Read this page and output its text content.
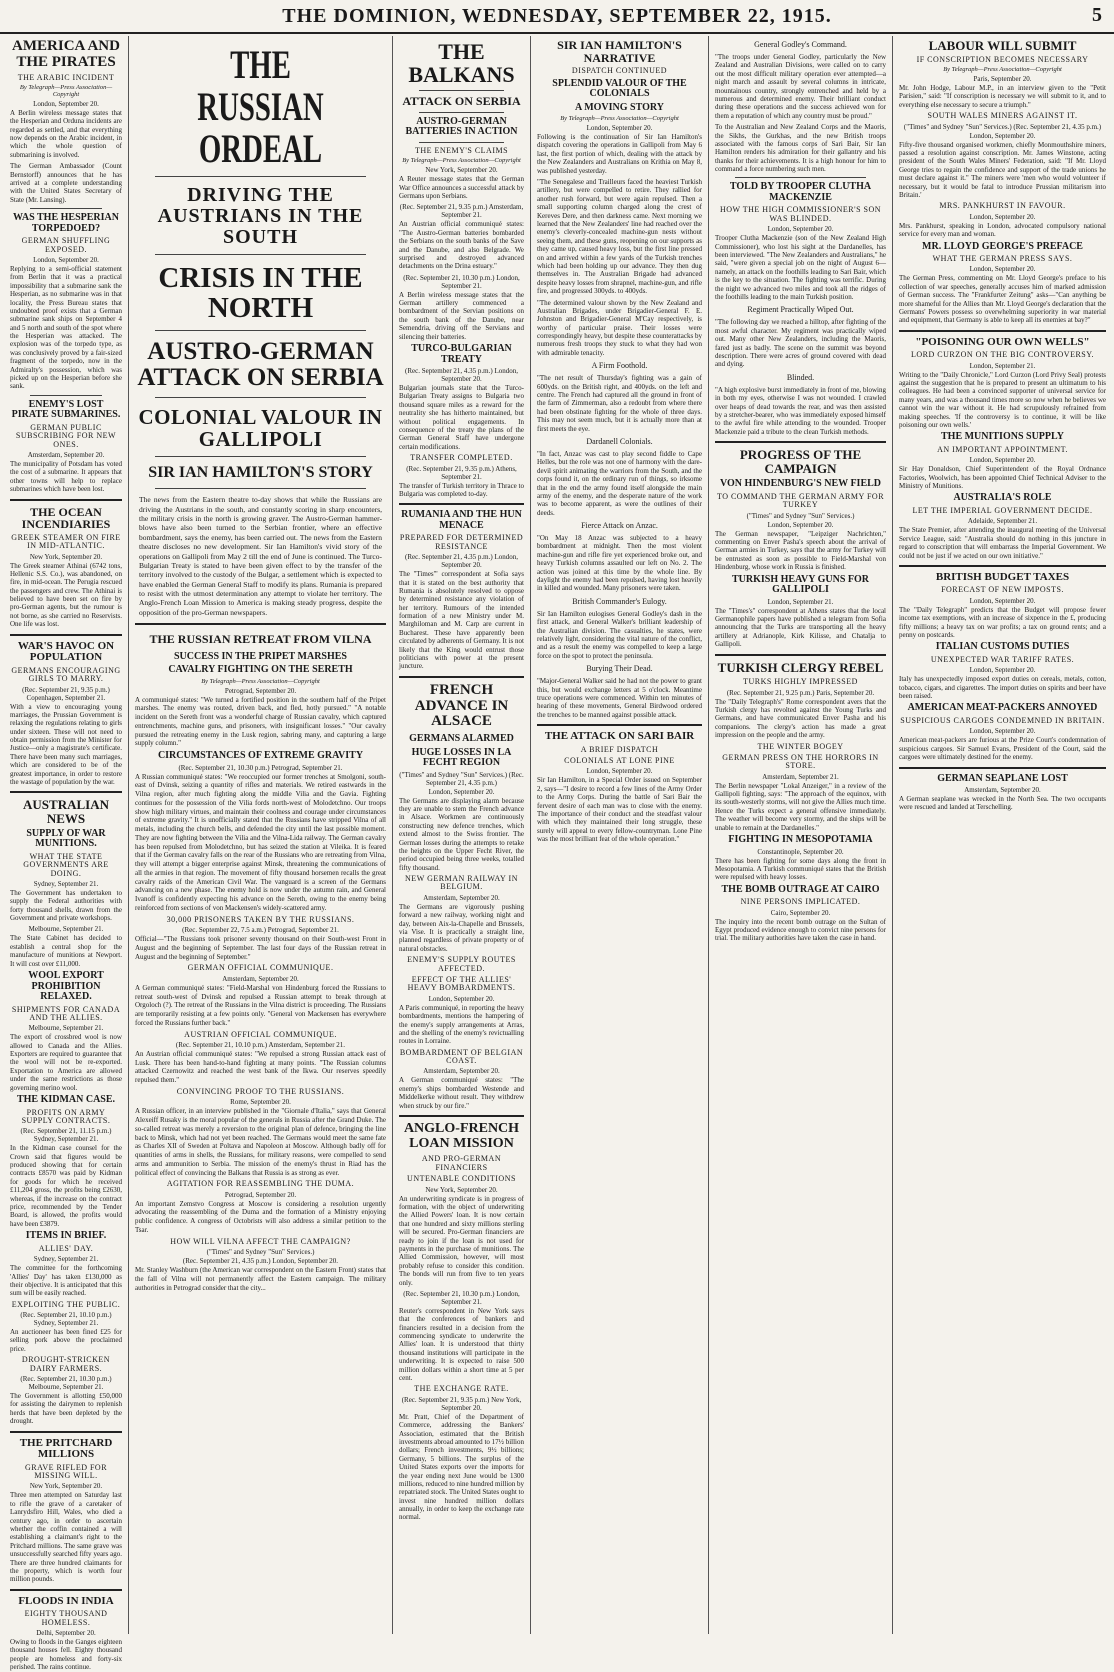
THE DOMINION, WEDNESDAY, SEPTEMBER 22, 1915.	5
AMERICA AND THE PIRATES
THE ARABIC INCIDENT
By Telegraph—Press Association—Copyright
London, September 20.

A Berlin wireless message states that the Hesperian and Orduna incidents are regarded as settled, and that everything now depends on the Arabic incident, in which the whole question of submarining is involved.

The German Ambassador (Count Bernstorff) announces that he has arrived at a complete understanding with the United States Secretary of State (Mr. Lansing).

WAS THE HESPERIAN TORPEDOED?
GERMAN SHUFFLING EXPOSED.
London, September 20.

Replying to a semi-official statement from Berlin that it was a practical impossibility that a submarine sank the Hesperian, as no submarine was in that locality, the Press Bureau states that undoubted proof exists that a German submarine sank ships on September 4 and 5 north and south of the spot where the Hesperian was attacked. The explosion was of the torpedo type, as was conclusively proved by a fair-sized fragment of the torpedo, now in the Admiralty's possession, which was picked up on the Hesperian before she sank.

ENEMY'S LOST PIRATE SUBMARINES.
GERMAN PUBLIC SUBSCRIBING FOR NEW ONES.
Amsterdam, September 20.

The municipality of Potsdam has voted the cost of a submarine. It appears that other towns will help to replace submarines which have been lost.

THE OCEAN INCENDIARIES
GREEK STEAMER ON FIRE IN MID-ATLANTIC.
New York, September 20.

The Greek steamer Athinai (6742 tons, Hellenic S.S. Co.), was abandoned, on fire, in mid-ocean. The Perugia rescued the passengers and crew. The Athinai is believed to have been set on fire by pro-German agents, but the rumour is not borne, as she carried no Reservists. One life was lost.

WAR'S HAVOC ON POPULATION
GERMANS ENCOURAGING GIRLS TO MARRY.
(Rec. September 21, 9.35 p.m.) Copenhagen, September 21.

With a view to encouraging young marriages, the Prussian Government is relaxing the regulations relating to girls under sixteen. These will not need to obtain permission from the Minister for Justice—only a magistrate's certificate. There have been many such marriages, which are considered to be of the greatest importance, in order to restore the wastage of population by the war.

AUSTRALIAN NEWS
SUPPLY OF WAR MUNITIONS.
WHAT THE STATE GOVERNMENTS ARE DOING.
Sydney, September 21.

The Government has undertaken to supply the Federal authorities with forty thousand shells, drawn from the Government and private workshops.

Melbourne, September 21.

The State Cabinet has decided to establish a central shop for the manufacture of munitions at Newport. It will cost over £11,000.

WOOL EXPORT PROHIBITION RELAXED.
SHIPMENTS FOR CANADA AND THE ALLIES.
Melbourne, September 21.

The export of crossbred wool is now allowed to Canada and the Allies. Exporters are required to guarantee that the wool will not be re-exported. Exportation to America are allowed under the same restrictions as those governing merino wool.

THE KIDMAN CASE.
PROFITS ON ARMY SUPPLY CONTRACTS.
(Rec. September 21, 11.15 p.m.) Sydney, September 21.

In the Kidman case counsel for the Crown said that figures would be produced showing that for certain contracts £8570 was paid by Kidman for goods for which he received £11,204 gross, the profits being £2630, whereas, if the increase on the contract price, recommended by the Tender Board, is allowed, the profits would have been £3879.

ITEMS IN BRIEF.
ALLIES' DAY.
Sydney, September 21.

The committee for the forthcoming 'Allies' Day' has taken £130,000 as their objective. It is anticipated that this sum will be easily reached.

EXPLOITING THE PUBLIC.
(Rec. September 21, 10.10 p.m.) Sydney, September 21.

An auctioneer has been fined £25 for selling pork above the proclaimed price.

DROUGHT-STRICKEN DAIRY FARMERS.
(Rec. September 21, 10.30 p.m.) Melbourne, September 21.

The Government is allotting £50,000 for assisting the dairymen to replenish herds that have been depleted by the drought.

THE PRITCHARD MILLIONS
GRAVE RIFLED FOR MISSING WILL.
New York, September 20.

Three men attempted on Saturday last to rifle the grave of a caretaker of Lanrydsfiro Hill, Wales, who died a century ago, in order to ascertain whether the coffin contained a will establishing a claimant's right to the Pritchard millions. The same grave was unsuccessfully searched fifty years ago. There are three hundred claimants for the property, which is worth four million pounds.

FLOODS IN INDIA
EIGHTY THOUSAND HOMELESS.
Delhi, September 20.

Owing to floods in the Ganges eighteen thousand houses fell. Eighty thousand people are homeless and forty-six perished. The rains continue.

THE RUSSIAN ORDEAL
DRIVING THE AUSTRIANS IN THE SOUTH
CRISIS IN THE NORTH
AUSTRO-GERMAN ATTACK ON SERBIA
COLONIAL VALOUR IN GALLIPOLI
SIR IAN HAMILTON'S STORY

The news from the Eastern theatre to-day shows that while the Russians are driving the Austrians in the south, and constantly scoring in sharp encounters, the military crisis in the north is growing graver. The Austro-German hammer-blows have also been turned to the Serbian frontier, where an effective bombardment, says the enemy, has been carried out. The news from the Eastern theatre discloses no new development. Sir Ian Hamilton's vivid story of the operations on Gallipoli from May 2 till the end of June is continued. The Turco-Bulgarian Treaty is stated to have been given effect to by the transfer of the territory involved to the custody of the Bulgar, a settlement which is expected to have enabled the German General Staff to modify its plans. Rumania is prepared to resist with the utmost determination any attempt to violate her territory. The Anglo-French Loan Mission to America is making steady progress, despite the opposition of the pro-German newspapers.

THE RUSSIAN RETREAT FROM VILNA
SUCCESS IN THE PRIPET MARSHES
CAVALRY FIGHTING ON THE SERETH
By Telegraph—Press Association—Copyright
Petrograd, September 20.

A communiqué states: "We turned a fortified position in the southern half of the Pripet marshes. The enemy was routed, driven back, and fled, hotly pursued." "A notable incident on the Sereth front was a wonderful charge of Russian cavalry, which captured entrenchments, machine guns, and prisoners, with insignificant losses." "Our cavalry pursued the retreating enemy in the Lusk region, sabring many, and capturing a large supply column."

CIRCUMSTANCES OF EXTREME GRAVITY
(Rec. September 21, 10.30 p.m.) Petrograd, September 21.

A Russian communiqué states: "We reoccupied our former trenches at Smolgoni, south-east of Dvinsk, seizing a quantity of rifles and materials. We retired eastwards in the Vilna region, after much fighting along the middle Vilia and the Gavia. Fighting continues for the possession of the Vilia fords north-west of Molodetchno. Our troops show high military virtues, and maintain their coolness and courage under circumstances of extreme gravity." It is unofficially stated that the Russians have stripped Vilna of all metals, including the church bells, and defended the city until the last possible moment. They are now fighting between the Vilia and the Vilna-Lida railway. The German cavalry has been repulsed from Molodetchno, but has seized the station at Vileika. It is feared that if the German cavalry falls on the rear of the Russians who are retreating from Vilna, they will attempt a bigger enterprise against Minsk, threatening the communications of all the armies in that region. The movement of fifty thousand horsemen recalls the great cavalry raids of the American Civil War. The vanguard is a screen of the Germans advancing on a new phase. The enemy hold is now under the autumn rain, and General Ivanoff is confidently expecting his advance on the Sereth, owing to the enemy being reinforced from sections of von Mackensen's widely-scattered army.

30,000 PRISONERS TAKEN BY THE RUSSIANS.
(Rec. September 22, 7.5 a.m.) Petrograd, September 21.

Official—"The Russians took prisoner seventy thousand on their South-west Front in August and the beginning of September. The last four days of the Russian retreat in August and the beginning of September."

GERMAN OFFICIAL COMMUNIQUE.
Amsterdam, September 20.

A German communiqué states: "Field-Marshal von Hindenburg forced the Russians to retreat south-west of Dvinsk and repulsed a Russian attempt to break through at Orgoloch (?). The retreat of the Russians in the Vilna district is proceeding. The Russians are temporarily resisting at a few points only. "General von Mackensen has everywhere forced the Russians further back."

AUSTRIAN OFFICIAL COMMUNIQUE.
(Rec. September 21, 10.10 p.m.) Amsterdam, September 21.

An Austrian official communiqué states: "We repulsed a strong Russian attack east of Lusk. There has been hand-to-hand fighting at many points. "The Russian columns attacked Czernowitz and reached the west bank of the Ikwa. Our reserves speedily repulsed them."

CONVINCING PROOF TO THE RUSSIANS.
Rome, September 20.

A Russian officer, in an interview published in the "Giornale d'Italia," says that General Alexeiff Rusaky is the moral popular of the generals in Russia after the Grand Duke. The so-called retreat was merely a reversion to the original plan of defence, bringing the line back to Minsk, which had not yet been reached. The Germans would meet the same fate as Charles XII of Sweden at Poltava and Napoleon at Moscow. Although badly off for quantities of arms in shells, the Russians, for military reasons, were compelled to send arms and ammunition to Serbia. The mission of the enemy's thrust in Riad has the political effect of convincing the Balkans that Russia is as strong as ever.

AGITATION FOR REASSEMBLING THE DUMA.
Petrograd, September 20.

An important Zemstvo Congress at Moscow is considering a resolution urgently advocating the reassembling of the Duma and the formation of a Ministry enjoying public confidence. A congress of Octobrists will also address a similar petition to the Tsar.

HOW WILL VILNA AFFECT THE CAMPAIGN?
("Times" and Sydney "Sun" Services.)
(Rec. September 21, 4.35 p.m.) London, September 20.

Mr. Stanley Washburn (the American war correspondent on the Eastern Front) states that the fall of Vilna will not permanently affect the Eastern campaign. The military authorities in Petrograd consider that the city...

THE BALKANS
ATTACK ON SERBIA
AUSTRO-GERMAN BATTERIES IN ACTION
THE ENEMY'S CLAIMS
By Telegraph—Press Association—Copyright
New York, September 20.

A Reuter message states that the German War Office announces a successful attack by Germans upon Serbians.

(Rec. September 21, 9.35 p.m.) Amsterdam, September 21.

An Austrian official communiqué states: "The Austro-German batteries bombarded the Serbians on the south banks of the Save and the Danube, and also Belgrade. We surprised and destroyed advanced detachments on the Drina estuary."

(Rec. September 21, 10.30 p.m.) London, September 21.

A Berlin wireless message states that the German artillery commenced a bombardment of the Servian positions on the south bank of the Danube, near Semendria, driving off the Servians and silencing their batteries.

TURCO-BULGARIAN TREATY
(Rec. September 21, 4.35 p.m.) London, September 20.

Bulgarian journals state that the Turco-Bulgarian Treaty assigns to Bulgaria two thousand square miles as a reward for the neutrality she has hitherto maintained, but without political engagements. In consequence of the treaty the plans of the German General Staff have undergone certain modifications.

TRANSFER COMPLETED.
(Rec. September 21, 9.35 p.m.) Athens, September 21.

The transfer of Turkish territory in Thrace to Bulgaria was completed to-day.

RUMANIA AND THE HUN MENACE
PREPARED FOR DETERMINED RESISTANCE
(Rec. September 21, 4.35 p.m.) London, September 20.

The "Times'" correspondent at Sofia says that it is stated on the best authority that Rumania is absolutely resolved to oppose by determined resistance any violation of her territory. Rumours of the intended formation of a new Ministry under M. Marghiloman and M. Carp are current in Bucharest. These have apparently been circulated by adherents of Germany. It is not likely that the King would entrust those politicians with power at the present juncture.

FRENCH ADVANCE IN ALSACE
GERMANS ALARMED
HUGE LOSSES IN LA FECHT REGION
("Times" and Sydney "Sun" Services.) (Rec. September 21, 4.35 p.m.)
London, September 20.

The Germans are displaying alarm because they are unable to stem the French advance in Alsace. Workmen are continuously constructing new defence trenches, which extend almost to the Swiss frontier. The German losses during the attempts to retake the heights on the Upper Fecht River, the period occupied being three weeks, totalled fifty thousand.

NEW GERMAN RAILWAY IN BELGIUM.
Amsterdam, September 20.

The Germans are vigorously pushing forward a new railway, working night and day, between Aix-la-Chapelle and Brussels, via Vise. It is practically a straight line, planned regardless of private property or of natural obstacles.

ENEMY'S SUPPLY ROUTES AFFECTED.
EFFECT OF THE ALLIES' HEAVY BOMBARDMENTS.
London, September 20.

A Paris communiqué, in reporting the heavy bombardments, mentions the hampering of the enemy's supply arrangements at Arras, and the shelling of the enemy's revictualling routes in Lorraine.

BOMBARDMENT OF BELGIAN COAST.
Amsterdam, September 20.

A German communiqué states: "The enemy's ships bombarded Westende and Middelkerke without result. They withdrew when struck by our fire."

ANGLO-FRENCH LOAN MISSION
AND PRO-GERMAN FINANCIERS
UNTENABLE CONDITIONS
New York, September 20.

An underwriting syndicate is in progress of formation, with the object of underwriting the Allied Powers' loan. It is now certain that one hundred and sixty millions sterling will be secured. Pro-German financiers are ready to join if the loan is not used for payments in the purchase of munitions. The Allied Commission, however, will most probably refuse to consider this condition. The bonds will run from five to ten years only.

(Rec. September 21, 10.30 p.m.) London, September 21.

Reuter's correspondent in New York says that the conferences of bankers and financiers resulted in a decision from the commencing syndicate to underwrite the Allies' loan. It is understood that thirty thousand institutions will participate in the underwriting. It is expected to raise 500 million dollars within a short time at 5 per cent.

THE EXCHANGE RATE.
(Rec. September 21, 9.35 p.m.) New York, September 20.

Mr. Pratt, Chief of the Department of Commerce, addressing the Bankers' Association, estimated that the British investments abroad amounted to 17½ billion dollars; French investments, 9½ billions; Germany, 5 billions. The surplus of the United States exports over the imports for the year ending next June would be 1300 millions, reduced to nine hundred million by repatriated stock. The United States ought to invest nine hundred million dollars annually, in order to keep the exchange rate normal.

SIR IAN HAMILTON'S NARRATIVE
DISPATCH CONTINUED
SPLENDID VALOUR OF THE COLONIALS
A MOVING STORY
By Telegraph—Press Association—Copyright
London, September 20.

Following is the continuation of Sir Ian Hamilton's dispatch covering the operations in Gallipoli from May 6 last, the first portion of which, dealing with the attack by the New Zealanders and Australians on Krithia on May 8, was published yesterday.

"The Senegalese and Trailleurs faced the heaviest Turkish artillery, but were compelled to retire. They rallied for another rush forward, but were again repulsed. Then a small supporting column charged along the crest of Kereves Dere, and then darkness came. Next morning we learned that the New Zealanders' line had reached over the enemy's cleverly-concealed machine-gun nests without seeing them, and these guns, reopening on our supports as they came up, caused heavy loss, but the first line pressed on and arrived within a few yards of the Turkish trenches which had been holding up our advance. They then dug themselves in. The Australian Brigade had advanced despite heavy losses from shrapnel, machine-gun, and rifle fire, and progressed 300yds. to 400yds.

"The determined valour shown by the New Zealand and Australian Brigades, under Brigadier-General F. E. Johnston and Brigadier-General M'Cay respectively, is worthy of particular praise. Their losses were correspondingly heavy, but despite these counterattacks by numerous fresh troops they stuck to what they had won with admirable tenacity.

A Firm Foothold.

"The net result of Thursday's fighting was a gain of 600yds. on the British right, and 400yds. on the left and centre. The French had captured all the ground in front of the farm of Zimmerman, also a redoubt from where there had been obstinate fighting for the whole of three days. This may not seem much, but it is actually more than at first meets the eye.

Dardanell Colonials.

"In fact, Anzac was cast to play second fiddle to Cape Helles, but the role was not one of harmony with the dare-devil spirit animating the warriors from the South, and the corps found it, on the ordinary run of things, so irksome that in the end the army found itself alongside the main army of the enemy, and the desperate nature of the work was to become apparent, as were the outlines of their deeds.

Fierce Attack on Anzac.

"On May 18 Anzac was subjected to a heavy bombardment at midnight. Then the most violent machine-gun and rifle fire yet experienced broke out, and heavy Turkish columns assaulted our left on No. 2. The action was joined at this time by the whole line. By daylight the enemy had been repulsed, having lost heavily in killed and wounded. Many prisoners were taken.

British Commander's Eulogy.

Sir Ian Hamilton eulogises General Godley's dash in the first attack, and General Walker's brilliant leadership of the Australian division. The casualties, he states, were relatively light, considering the vital nature of the conflict, and as a result the enemy was compelled to keep a large force on the spot to protect the peninsula.

Burying Their Dead.

"Major-General Walker said he had not the power to grant this, but would exchange letters at 5 o'clock. Meantime truce operations were commenced. Within ten minutes of hearing of these movements, General Birdwood ordered the trenches to be manned against possible attack.

THE ATTACK ON SARI BAIR
A BRIEF DISPATCH
COLONIALS AT LONE PINE
London, September 20.

Sir Ian Hamilton, in a Special Order issued on September 2, says—"I desire to record a few lines of the Army Order to the Army Corps. During the battle of Sari Bair the fervent desire of each man was to close with the enemy. The importance of their conduct and the steadfast valour with which they maintained their long struggle, these surely will appeal to every fellow-countryman. Lone Pine was the most brilliant feat of the whole operation."

General Godley's Command.

"The troops under General Godley, particularly the New Zealand and Australian Divisions, were called on to carry out the most difficult military operation ever attempted—a night march and assault by several columns in intricate, mountainous country, strongly entrenched and held by a numerous and determined enemy. Their brilliant conduct during these operations and the success achieved won for them a reputation of which any country must be proud."

To the Australian and New Zealand Corps and the Maoris, the Sikhs, the Gurkhas, and the new British troops associated with the famous corps of Sari Bair, Sir Ian Hamilton renders his admiration for their gallantry and his thanks for their achievements. It is a high honour for him to command a force numbering such men.

TOLD BY TROOPER CLUTHA MACKENZIE
HOW THE HIGH COMMISSIONER'S SON WAS BLINDED.
London, September 20.

Trooper Clutha Mackenzie (son of the New Zealand High Commissioner), who lost his sight at the Dardanelles, has been interviewed. "The New Zealanders and Australians," he said, "were given a special job on the night of August 6—namely, an attack on the foothills leading to Sari Bair, which is the key to the situation. The fighting was terrific. During the night we advanced two miles and took all the ridges of the foothills leading to the main Turkish position.

Regiment Practically Wiped Out.

"The following day we reached a hilltop, after fighting of the most awful character. My regiment was practically wiped out. Many other New Zealanders, including the Maoris, fared just as badly. The scene on the summit was beyond description. There were acres of ground covered with dead and dying.

Blinded.

"A high explosive burst immediately in front of me, blowing in both my eyes, otherwise I was not wounded. I crawled over heaps of dead towards the rear, and was then assisted by a stretcher-bearer, who was immediately exposed himself to the awful fire while attending to the wounded. Trooper Mackenzie paid a tribute to the clean Turkish methods.

PROGRESS OF THE CAMPAIGN
VON HINDENBURG'S NEW FIELD
TO COMMAND THE GERMAN ARMY FOR TURKEY
("Times" and Sydney "Sun" Services.)
London, September 20.

The German newspaper, "Leipziger Nachrichten," commenting on Enver Pasha's speech about the arrival of German armies in Turkey, says that the army for Turkey will be entrusted as soon as possible to Field-Marshal von Hindenburg, whose work in Russia is finished.

TURKISH HEAVY GUNS FOR GALLIPOLI
London, September 21.

The "Times's" correspondent at Athens states that the local Germanophile papers have published a telegram from Sofia announcing that the Turks are transporting all the heavy artillery at Adrianople, Kirk Kilisse, and Chatalja to Gallipoli.

TURKISH CLERGY REBEL
TURKS HIGHLY IMPRESSED
(Rec. September 21, 9.25 p.m.) Paris, September 20.

The "Daily Telegraph's" Rome correspondent avers that the Turkish clergy has revolted against the Young Turks and Germans, and have communicated Enver Pasha and his companions. The clergy's action has made a great impression on the people and the army.

THE WINTER BOGEY
GERMAN PRESS ON THE HORRORS IN STORE.
Amsterdam, September 21.

The Berlin newspaper "Lokal Anzeiger," in a review of the Gallipoli fighting, says: "The approach of the equinox, with its south-westerly storms, will not give the Allies much time. Hence the Turks expect a general offensive immediately. The weather will become very stormy, and the ships will be unable to remain at the Dardanelles."

FIGHTING IN MESOPOTAMIA
Constantinople, September 20.

There has been fighting for some days along the front in Mesopotamia. A Turkish communiqué states that the British were repulsed with heavy losses.

THE BOMB OUTRAGE AT CAIRO
NINE PERSONS IMPLICATED.
Cairo, September 20.

The inquiry into the recent bomb outrage on the Sultan of Egypt produced evidence enough to convict nine persons for trial. The military authorities have taken the case in hand.

LABOUR WILL SUBMIT
IF CONSCRIPTION BECOMES NECESSARY
By Telegraph—Press Association—Copyright
Paris, September 20.

Mr. John Hodge, Labour M.P., in an interview given to the "Petit Parisien," said: "If conscription is necessary we will submit to it, and to everything else necessary to secure a triumph."

SOUTH WALES MINERS AGAINST IT.
("Times" and Sydney "Sun" Services.) (Rec. September 21, 4.35 p.m.)
London, September 20.

Fifty-five thousand organised workmen, chiefly Monmouthshire miners, passed a resolution against conscription. Mr. James Winstone, acting president of the South Wales Miners' Federation, said: "If Mr. Lloyd George tries to regain the confidence and support of the trade unions he must declare against it." The miners were 'men who would volunteer if necessary, but it would be fatal to introduce Prussian militarism into Britain.'

MRS. PANKHURST IN FAVOUR.
London, September 20.

Mrs. Pankhurst, speaking in London, advocated compulsory national service for every man and woman.

MR. LLOYD GEORGE'S PREFACE
WHAT THE GERMAN PRESS SAYS.
London, September 20.

The German Press, commenting on Mr. Lloyd George's preface to his collection of war speeches, generally accuses him of marked admission of German success. The "Frankfurter Zeitung" asks—"Can anything be more shameful for the Allies than Mr. Lloyd George's declaration that the Germans' Powers possess so overwhelming superiority in war material and equipment, that Germany is able to keep all its enemies at bay?"

"POISONING OUR OWN WELLS"
LORD CURZON ON THE BIG CONTROVERSY.
London, September 21.

Writing to the "Daily Chronicle," Lord Curzon (Lord Privy Seal) protests against the suggestion that he is prepared to present an ultimatum to his colleagues. He had been a convinced supporter of universal service for many years, and was a thousand times more so now when he believes we cannot win the war without it. He had scrupulously refrained from making speeches. 'If the controversy is to continue, it will be like poisoning our own wells.'

THE MUNITIONS SUPPLY
AN IMPORTANT APPOINTMENT.
London, September 20.

Sir Hay Donaldson, Chief Superintendent of the Royal Ordnance Factories, Woolwich, has been appointed Chief Technical Adviser to the Ministry of Munitions.

AUSTRALIA'S ROLE
LET THE IMPERIAL GOVERNMENT DECIDE.
Adelaide, September 21.

The State Premier, after attending the inaugural meeting of the Universal Service League, said: "Australia should do nothing in this juncture in regard to conscription that will embarrass the Imperial Government. We could not be just if we acted on our own initiative."

BRITISH BUDGET TAXES
FORECAST OF NEW IMPOSTS.
London, September 20.

The "Daily Telegraph" predicts that the Budget will propose fewer income tax exemptions, with an increase of sixpence in the £, producing fifty millions; a heavy tax on war profits; a tax on ground rents; and a penny on postcards.

ITALIAN CUSTOMS DUTIES
UNEXPECTED WAR TARIFF RATES.
London, September 20.

Italy has unexpectedly imposed export duties on cereals, metals, cotton, tobacco, cigars, and cigarettes. The import duties on spirits and beer have been raised.

AMERICAN MEAT-PACKERS ANNOYED
SUSPICIOUS CARGOES CONDEMNED IN BRITAIN.
London, September 20.

American meat-packers are furious at the Prize Court's condemnation of suspicious cargoes. Sir Samuel Evans, President of the Court, said the cargoes were ultimately destined for the enemy.

GERMAN SEAPLANE LOST
Amsterdam, September 20.

A German seaplane was wrecked in the North Sea. The two occupants were rescued and landed at Terschelling.
